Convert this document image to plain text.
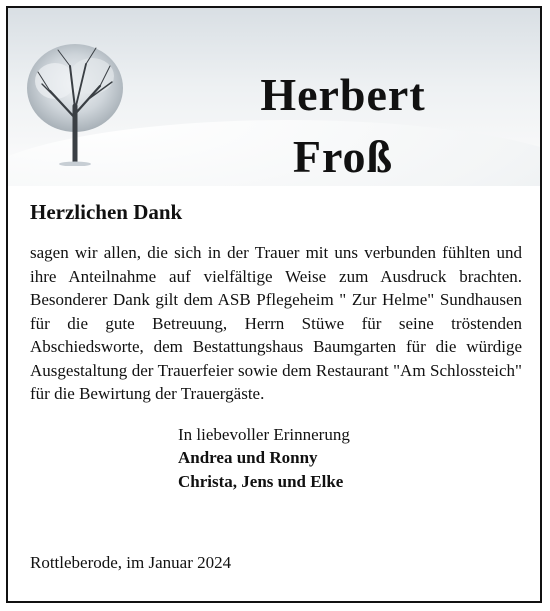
Herbert
Froß
Herzlichen Dank

sagen wir allen, die sich in der Trauer mit uns verbunden fühlten und ihre Anteilnahme auf vielfältige Weise zum Ausdruck brachten. Besonderer Dank gilt dem ASB Pflegeheim " Zur Helme" Sundhausen für die gute Betreuung, Herrn Stüwe für seine tröstenden Abschiedsworte, dem Bestattungshaus Baumgarten für die würdige Ausgestaltung der Trauerfeier sowie dem Restaurant "Am Schlossteich" für die Bewirtung der Trauergäste.

In liebevoller Erinnerung
Andrea und Ronny
Christa, Jens und Elke
Rottleberode, im Januar 2024
